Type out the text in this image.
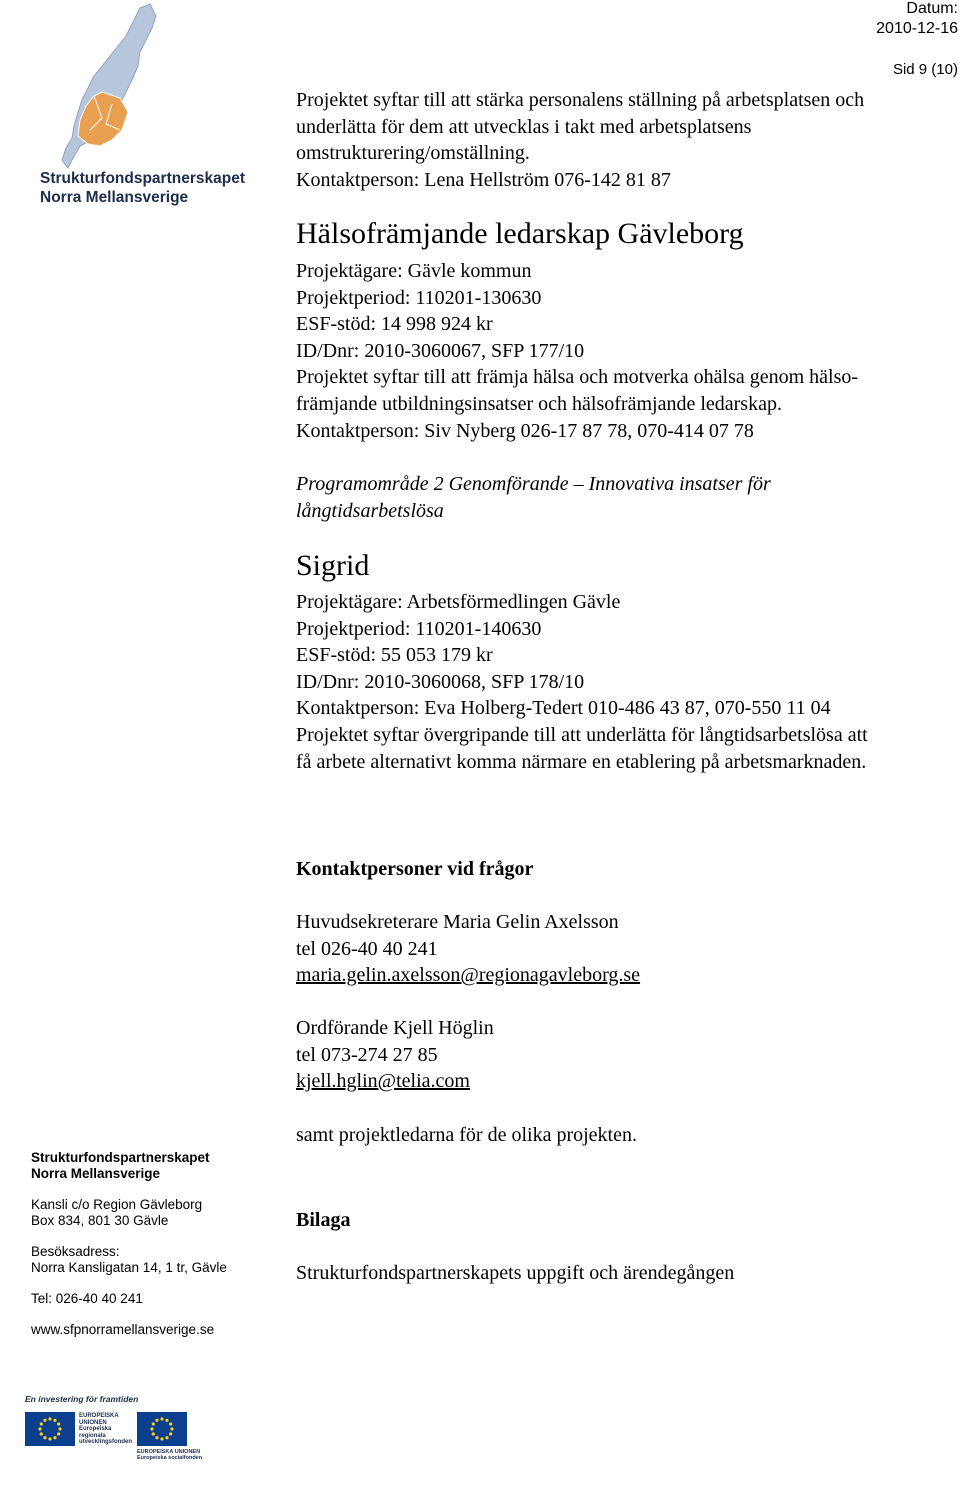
Strukturfondspartnerskapet
Norra Mellansverige
Datum:
2010-12-16
Sid 9 (10)
Projektet syftar till att stärka personalens ställning på arbetsplatsen och
underlätta för dem att utvecklas i takt med arbetsplatsens
omstrukturering/omställning.
Kontaktperson: Lena Hellström 076-142 81 87
Hälsofrämjande ledarskap Gävleborg
Projektägare: Gävle kommun
Projektperiod: 110201-130630
ESF-stöd: 14 998 924 kr
ID/Dnr: 2010-3060067, SFP 177/10
Projektet syftar till att främja hälsa och motverka ohälsa genom hälso-
främjande utbildningsinsatser och hälsofrämjande ledarskap.
Kontaktperson: Siv Nyberg 026-17 87 78, 070-414 07 78
Programområde 2 Genomförande – Innovativa insatser för
långtidsarbetslösa
Sigrid
Projektägare: Arbetsförmedlingen Gävle
Projektperiod: 110201-140630
ESF-stöd: 55 053 179 kr
ID/Dnr: 2010-3060068, SFP 178/10
Kontaktperson: Eva Holberg-Tedert 010-486 43 87, 070-550 11 04
Projektet syftar övergripande till att underlätta för långtidsarbetslösa att
få arbete alternativt komma närmare en etablering på arbetsmarknaden.
Kontaktpersoner vid frågor
Huvudsekreterare Maria Gelin Axelsson
tel 026-40 40 241
maria.gelin.axelsson@regionagavleborg.se
Ordförande Kjell Höglin
tel 073-274 27 85
kjell.hglin@telia.com
samt projektledarna för de olika projekten.
Bilaga
Strukturfondspartnerskapets uppgift och ärendegången
Strukturfondspartnerskapet
Norra Mellansverige
Kansli c/o Region Gävleborg
Box 834, 801 30 Gävle
Besöksadress:
Norra Kansligatan 14, 1 tr, Gävle
Tel: 026-40 40 241
www.sfpnorramellansverige.se
En investering för framtiden
EUROPEISKA
UNIONEN
Europeiska
regionala
utvecklingsfonden
EUROPEISKA UNIONEN
Europeiska socialfonden
